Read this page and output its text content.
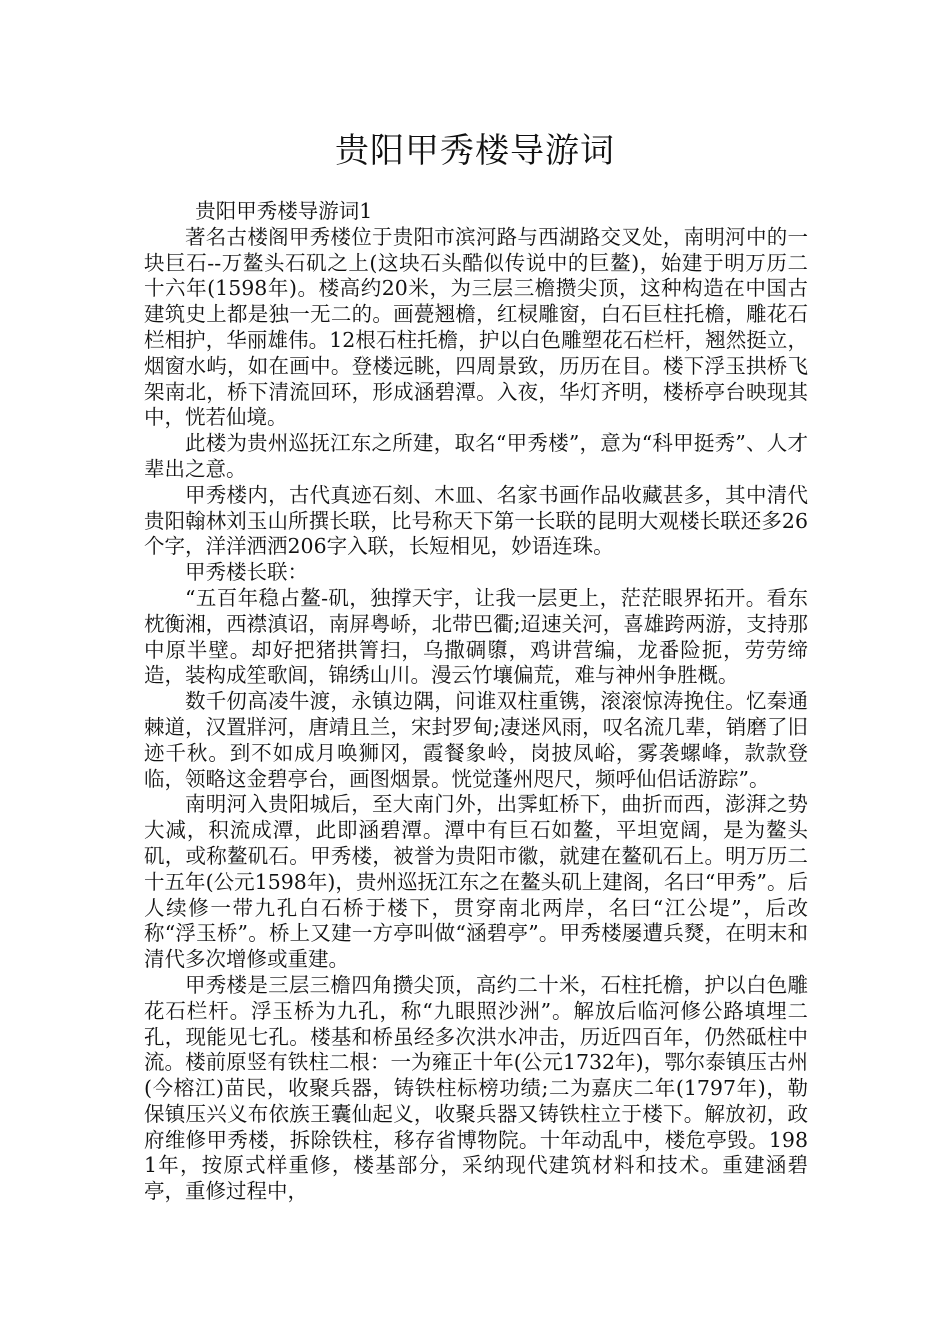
贵阳甲秀楼导游词

贵阳甲秀楼导游词1

著名古楼阁甲秀楼位于贵阳市滨河路与西湖路交叉处，南明河中的一块巨石--万鳌头石矶之上(这块石头酷似传说中的巨鳌)，始建于明万历二十六年(1598年)。楼高约20米，为三层三檐攒尖顶，这种构造在中国古建筑史上都是独一无二的。画甍翘檐，红棂雕窗，白石巨柱托檐，雕花石栏相护，华丽雄伟。12根石柱托檐，护以白色雕塑花石栏杆，翘然挺立，烟窗水屿，如在画中。登楼远眺，四周景致，历历在目。楼下浮玉拱桥飞架南北，桥下清流回环，形成涵碧潭。入夜，华灯齐明，楼桥亭台映现其中，恍若仙境。

此楼为贵州巡抚江东之所建，取名“甲秀楼”，意为“科甲挺秀”、人才辈出之意。

甲秀楼内，古代真迹石刻、木皿、名家书画作品收藏甚多，其中清代贵阳翰林刘玉山所撰长联，比号称天下第一长联的昆明大观楼长联还多26个字，洋洋洒洒206字入联，长短相见，妙语连珠。

甲秀楼长联：

“五百年稳占鳌-矶，独撑天宇，让我一层更上，茫茫眼界拓开。看东枕衡湘，西襟滇诏，南屏粤峤，北带巴衢;迢速关河，喜雄跨两游，支持那中原半壁。却好把猪拱箐扫，乌撒碉隳，鸡讲营编，龙番险扼，劳劳缔造，装构成笙歌闾，锦绣山川。漫云竹壤偏荒，难与神州争胜概。

数千仞高凌牛渡，永镇边隅，问谁双柱重镌，滚滚惊涛挽住。忆秦通棘道，汉置牂河，唐靖且兰，宋封罗甸;凄迷风雨，叹名流几辈，销磨了旧迹千秋。到不如成月唤狮冈，霞餐象岭，岗披凤峪，雾袭螺峰，款款登临，领略这金碧亭台，画图烟景。恍觉蓬州咫尺，频呼仙侣话游踪”。

南明河入贵阳城后，至大南门外，出霁虹桥下，曲折而西，澎湃之势大减，积流成潭，此即涵碧潭。潭中有巨石如鳌，平坦宽阔，是为鳌头矶，或称鳌矶石。甲秀楼，被誉为贵阳市徽，就建在鳌矶石上。明万历二十五年(公元1598年)，贵州巡抚江东之在鳌头矶上建阁，名曰“甲秀”。后人续修一带九孔白石桥于楼下，贯穿南北两岸，名曰“江公堤”，后改称“浮玉桥”。桥上又建一方亭叫做“涵碧亭”。甲秀楼屡遭兵燹，在明末和清代多次增修或重建。

甲秀楼是三层三檐四角攒尖顶，高约二十米，石柱托檐，护以白色雕花石栏杆。浮玉桥为九孔，称“九眼照沙洲”。解放后临河修公路填埋二孔，现能见七孔。楼基和桥虽经多次洪水冲击，历近四百年，仍然砥柱中流。楼前原竖有铁柱二根：一为雍正十年(公元1732年)，鄂尔泰镇压古州(今榕江)苗民，收聚兵器，铸铁柱标榜功绩;二为嘉庆二年(1797年)，勒保镇压兴义布依族王囊仙起义，收聚兵器又铸铁柱立于楼下。解放初，政府维修甲秀楼，拆除铁柱，移存省博物院。十年动乱中，楼危亭毁。1981年，按原式样重修，楼基部分，采纳现代建筑材料和技术。重建涵碧亭，重修过程中，
